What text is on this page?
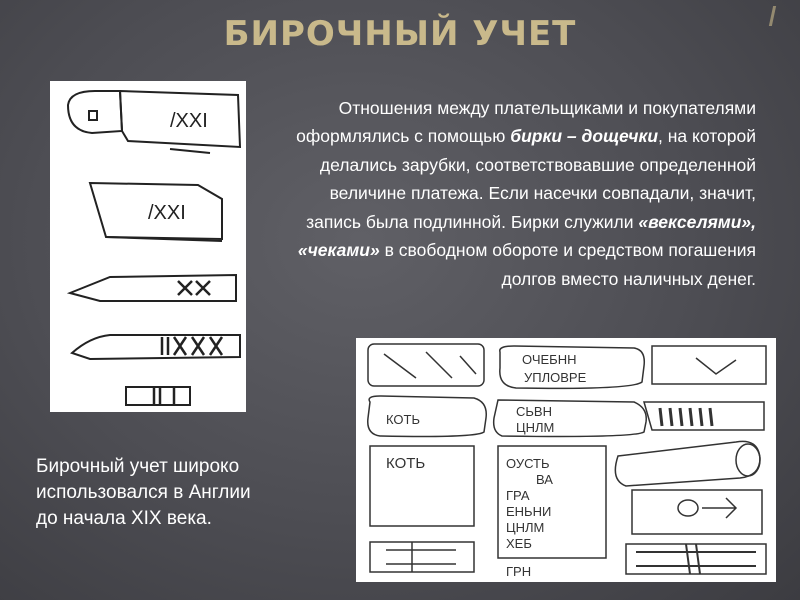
БИРОЧНЫЙ УЧЕТ

Отношения между плательщиками и покупателями оформлялись с помощью бирки – дощечки, на которой делались зарубки, соответствовавшие определенной величине платежа. Если насечки совпадали, значит, запись была подлинной. Бирки служили «векселями», «чеками» в свободном обороте и средством погашения долгов вместо наличных денег.

Бирочный учет широко использовался в Англии до начала XIX века.
/XXI
/XXI
ОЧЕБНН
УПЛОВРЕ
КОТЬ
СЬВН
ЦНЛМ
КОТЬ	ОУСТЬ
ВА
ГРА
ЕНЬНИ
ЦНЛМ
ХЕБ
ГРН
